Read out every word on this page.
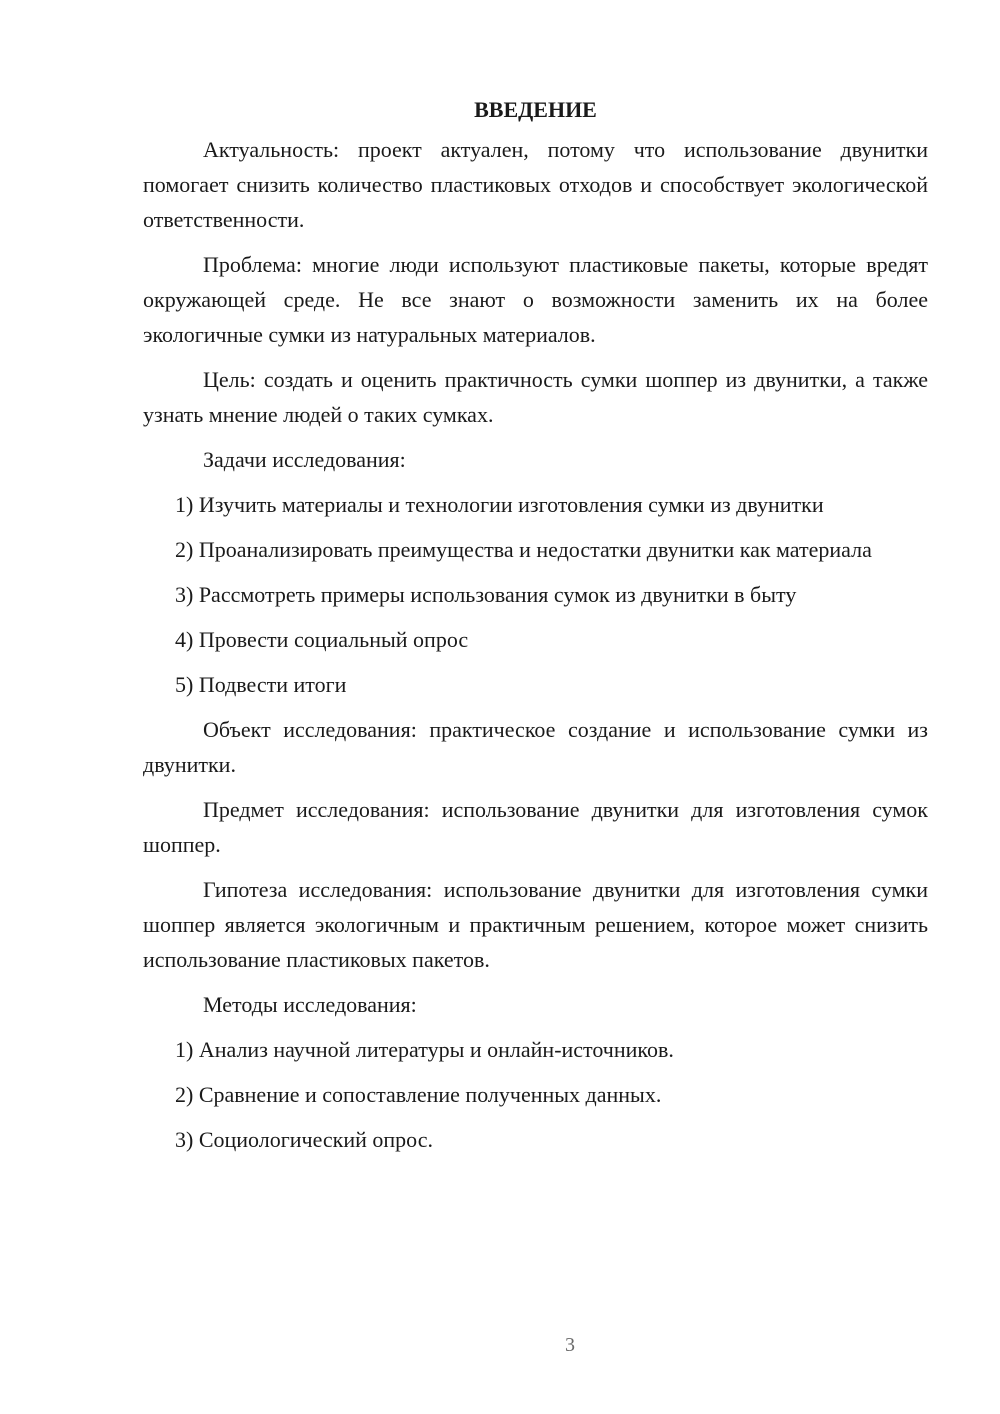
ВВЕДЕНИЕ

Актуальность: проект актуален, потому что использование двунитки помогает снизить количество пластиковых отходов и способствует экологической ответственности.

Проблема: многие люди используют пластиковые пакеты, которые вредят окружающей среде. Не все знают о возможности заменить их на более экологичные сумки из натуральных материалов.

Цель: создать и оценить практичность сумки шоппер из двунитки, а также узнать мнение людей о таких сумках.

Задачи исследования:

1) Изучить материалы и технологии изготовления сумки из двунитки

2) Проанализировать преимущества и недостатки двунитки как материала

3) Рассмотреть примеры использования сумок из двунитки в быту

4) Провести социальный опрос

5) Подвести итоги

Объект исследования: практическое создание и использование сумки из двунитки.

Предмет исследования: использование двунитки для изготовления сумок шоппер.

Гипотеза исследования: использование двунитки для изготовления сумки шоппер является экологичным и практичным решением, которое может снизить использование пластиковых пакетов.

Методы исследования:

1) Анализ научной литературы и онлайн-источников.

2) Сравнение и сопоставление полученных данных.

3) Социологический опрос.

3
